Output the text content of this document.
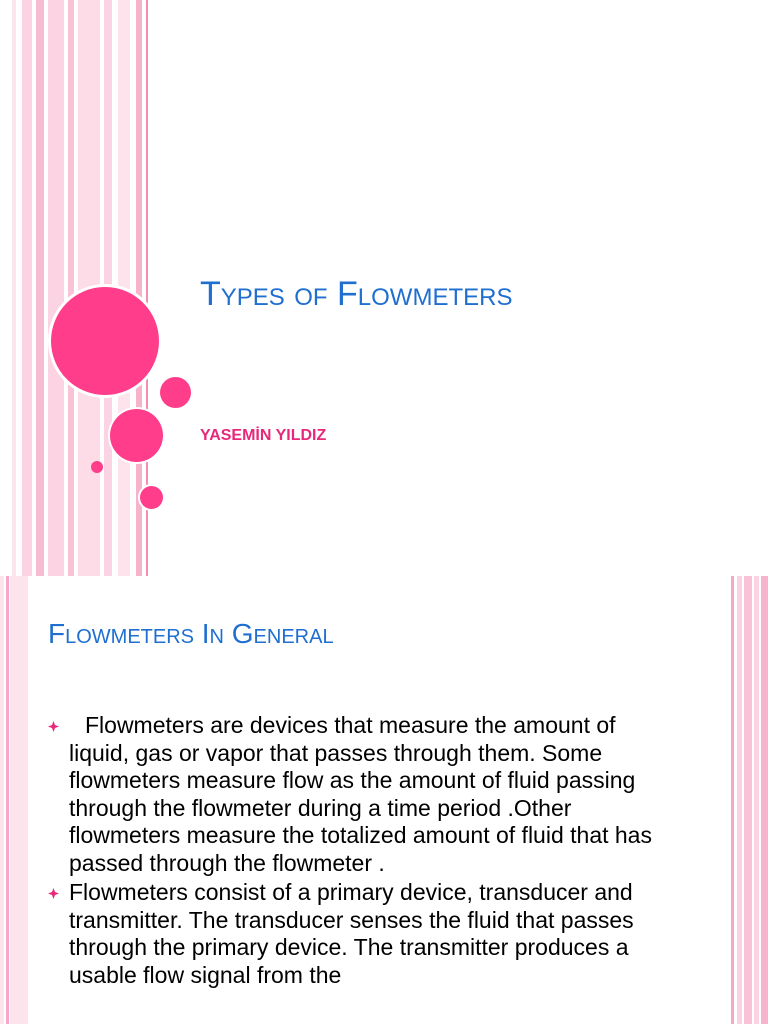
Types of Flowmeters

YASEMİN YILDIZ

Flowmeters In General
Flowmeters are devices that measure the amount of liquid, gas or vapor that passes through them. Some flowmeters measure flow as the amount of fluid passing through the flowmeter during a time period .Other flowmeters measure the totalized amount of fluid that has passed through the flowmeter .
Flowmeters consist of a primary device, transducer and transmitter. The transducer senses the fluid that passes through the primary device. The transmitter produces a usable flow signal from the
